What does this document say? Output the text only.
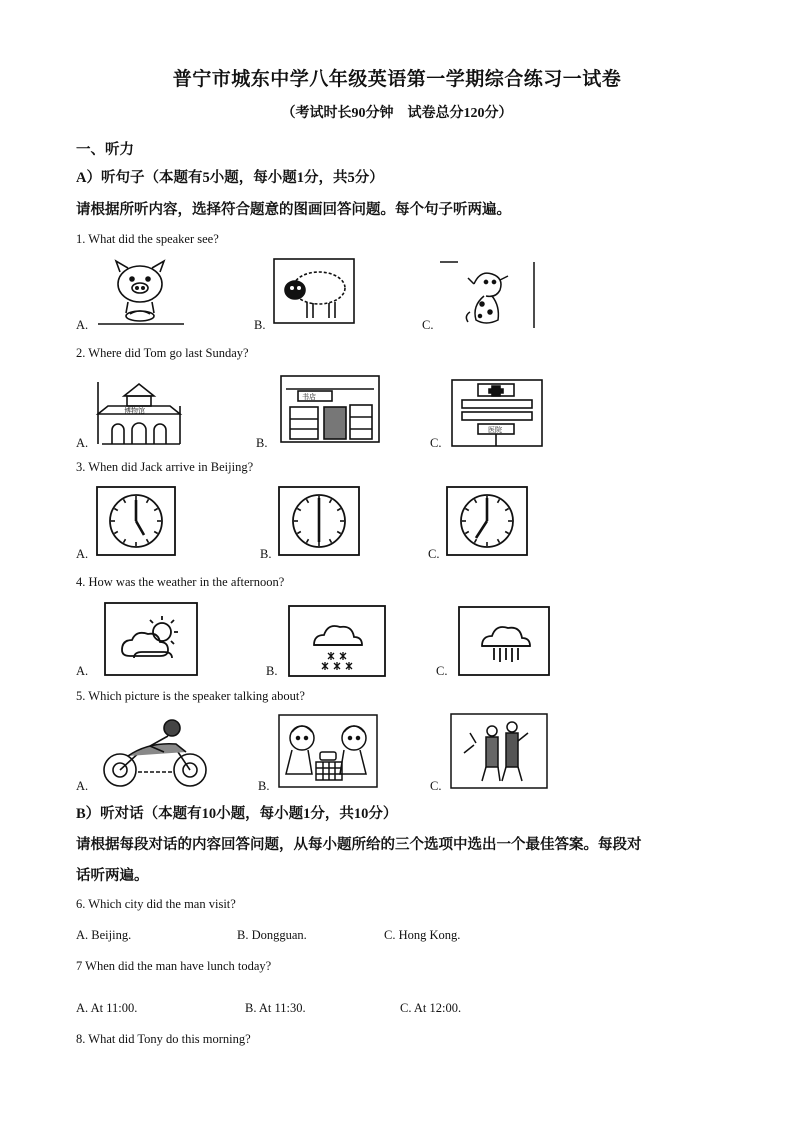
普宁市城东中学八年级英语第一学期综合练习一试卷
（考试时长90分钟　试卷总分120分）
一、听力
A）听句子（本题有5小题，每小题1分，共5分）
请根据所听内容，选择符合题意的图画回答问题。每个句子听两遍。
1. What did the speaker see?
A.	B.	C.
2. Where did Tom go last Sunday?
A.	B.	C.
博物馆
书店
医院
3. When did Jack arrive in Beijing?
A.	B.	C.
4. How was the weather in the afternoon?
A.	B.	C.
5. Which picture is the speaker talking about?
A.	B.	C.
B）听对话（本题有10小题，每小题1分，共10分）
请根据每段对话的内容回答问题，从每小题所给的三个选项中选出一个最佳答案。每段对
话听两遍。
6. Which city did the man visit?
A. Beijing.	B. Dongguan.	C. Hong Kong.
7 When did the man have lunch today?
A. At 11:00.	B. At 11:30.	C. At 12:00.
8. What did Tony do this morning?
